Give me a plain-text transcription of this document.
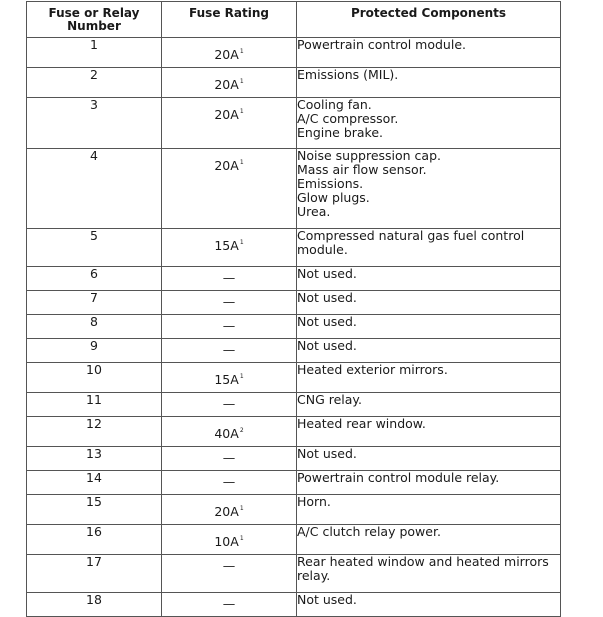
Fuse or Relay Number	Fuse Rating	Protected Components
1	$20A^1$	Powertrain control module.

2	$20A^1$	Emissions (MIL).

3	$20A^1$	Cooling fan.
A/C compressor.
Engine brake.

4	$20A^1$	Noise suppression cap.
Mass air flow sensor.
Emissions.
Glow plugs.
Urea.

5	$15A^1$	Compressed natural gas fuel control module.

6	—	Not used.

7	—	Not used.

8	—	Not used.

9	—	Not used.

10	$15A^1$	Heated exterior mirrors.

11	—	CNG relay.

12	$40A^2$	Heated rear window.

13	—	Not used.

14	—	Powertrain control module relay.

15	$20A^1$	Horn.

16	$10A^1$	A/C clutch relay power.

17	—	Rear heated window and heated mirrors relay.

18	—	Not used.
